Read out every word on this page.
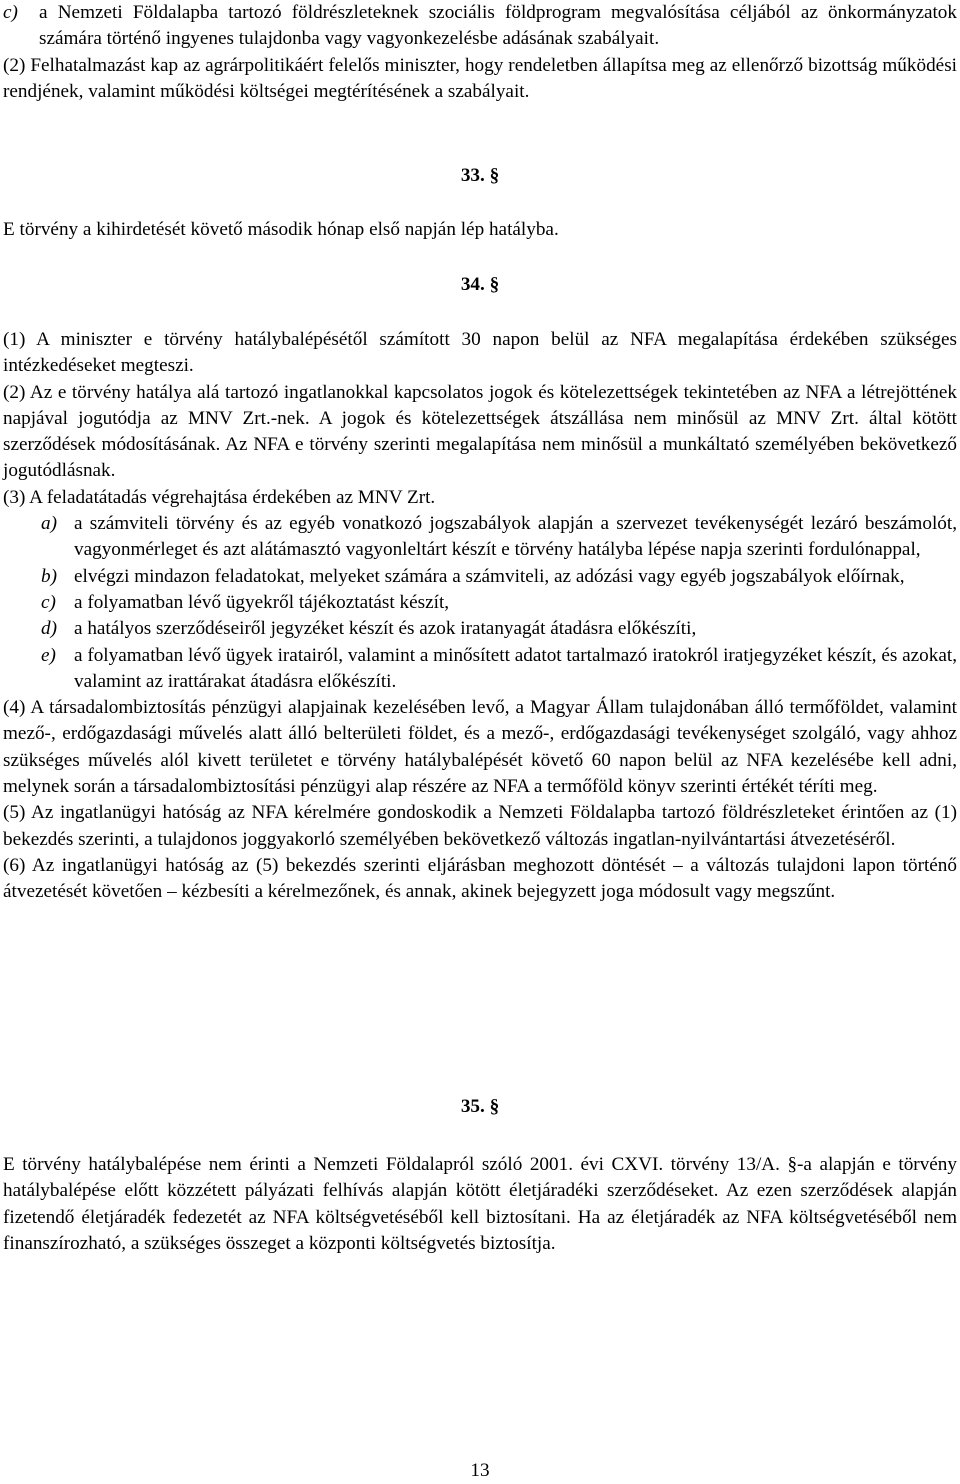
c)	a Nemzeti Földalapba tartozó földrészleteknek szociális földprogram megvalósítása céljából az önkormányzatok számára történő ingyenes tulajdonba vagy vagyonkezelésbe adásának szabályait.

(2) Felhatalmazást kap az agrárpolitikáért felelős miniszter, hogy rendeletben állapítsa meg az ellenőrző bizottság működési rendjének, valamint működési költségei megtérítésének a szabályait.

33. §

E törvény a kihirdetését követő második hónap első napján lép hatályba.

34. §

(1) A miniszter e törvény hatálybalépésétől számított 30 napon belül az NFA megalapítása érdekében szükséges intézkedéseket megteszi.

(2) Az e törvény hatálya alá tartozó ingatlanokkal kapcsolatos jogok és kötelezettségek tekintetében az NFA a létrejöttének napjával jogutódja az MNV Zrt.-nek. A jogok és kötelezettségek átszállása nem minősül az MNV Zrt. által kötött szerződések módosításának. Az NFA e törvény szerinti megalapítása nem minősül a munkáltató személyében bekövetkező jogutódlásnak.

(3) A feladatátadás végrehajtása érdekében az MNV Zrt.

a) a számviteli törvény és az egyéb vonatkozó jogszabályok alapján a szervezet tevékenységét lezáró beszámolót, vagyonmérleget és azt alátámasztó vagyonleltárt készít e törvény hatályba lépése napja szerinti fordulónappal,
b) elvégzi mindazon feladatokat, melyeket számára a számviteli, az adózási vagy egyéb jogszabályok előírnak,
c) a folyamatban lévő ügyekről tájékoztatást készít,
d) a hatályos szerződéseiről jegyzéket készít és azok iratanyagát átadásra előkészíti,
e) a folyamatban lévő ügyek iratairól, valamint a minősített adatot tartalmazó iratokról iratjegyzéket készít, és azokat, valamint az irattárakat átadásra előkészíti.

(4) A társadalombiztosítás pénzügyi alapjainak kezelésében levő, a Magyar Állam tulajdonában álló termőföldet, valamint mező-, erdőgazdasági művelés alatt álló belterületi földet, és a mező-, erdőgazdasági tevékenységet szolgáló, vagy ahhoz szükséges művelés alól kivett területet e törvény hatálybalépését követő 60 napon belül az NFA kezelésébe kell adni, melynek során a társadalombiztosítási pénzügyi alap részére az NFA a termőföld könyv szerinti értékét téríti meg.

(5) Az ingatlanügyi hatóság az NFA kérelmére gondoskodik a Nemzeti Földalapba tartozó földrészleteket érintően az (1) bekezdés szerinti, a tulajdonos joggyakorló személyében bekövetkező változás ingatlan-nyilvántartási átvezetéséről.

(6) Az ingatlanügyi hatóság az (5) bekezdés szerinti eljárásban meghozott döntését – a változás tulajdoni lapon történő átvezetését követően – kézbesíti a kérelmezőnek, és annak, akinek bejegyzett joga módosult vagy megszűnt.

35. §

E törvény hatálybalépése nem érinti a Nemzeti Földalapról szóló 2001. évi CXVI. törvény 13/A. §-a alapján e törvény hatálybalépése előtt közzétett pályázati felhívás alapján kötött életjáradéki szerződéseket. Az ezen szerződések alapján fizetendő életjáradék fedezetét az NFA költségvetéséből kell biztosítani. Ha az életjáradék az NFA költségvetéséből nem finanszírozható, a szükséges összeget a központi költségvetés biztosítja.

13
